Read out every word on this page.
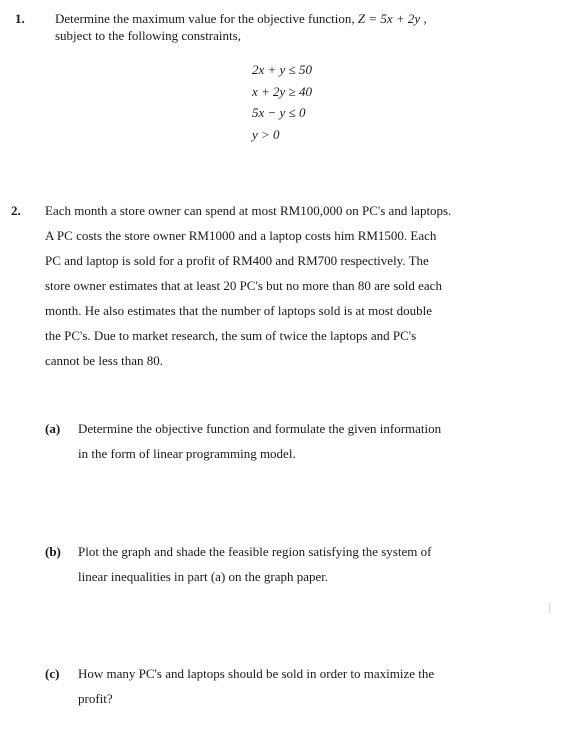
1. Determine the maximum value for the objective function, Z = 5x + 2y ,
subject to the following constraints,
2x + y ≤ 50
x + 2y ≥ 40
5x − y ≤ 0
y > 0
2. Each month a store owner can spend at most RM100,000 on PC's and laptops.
A PC costs the store owner RM1000 and a laptop costs him RM1500. Each
PC and laptop is sold for a profit of RM400 and RM700 respectively. The
store owner estimates that at least 20 PC's but no more than 80 are sold each
month. He also estimates that the number of laptops sold is at most double
the PC's. Due to market research, the sum of twice the laptops and PC's
cannot be less than 80.
(a) Determine the objective function and formulate the given information
in the form of linear programming model.
(b) Plot the graph and shade the feasible region satisfying the system of
linear inequalities in part (a) on the graph paper.
(c) How many PC's and laptops should be sold in order to maximize the
profit?
